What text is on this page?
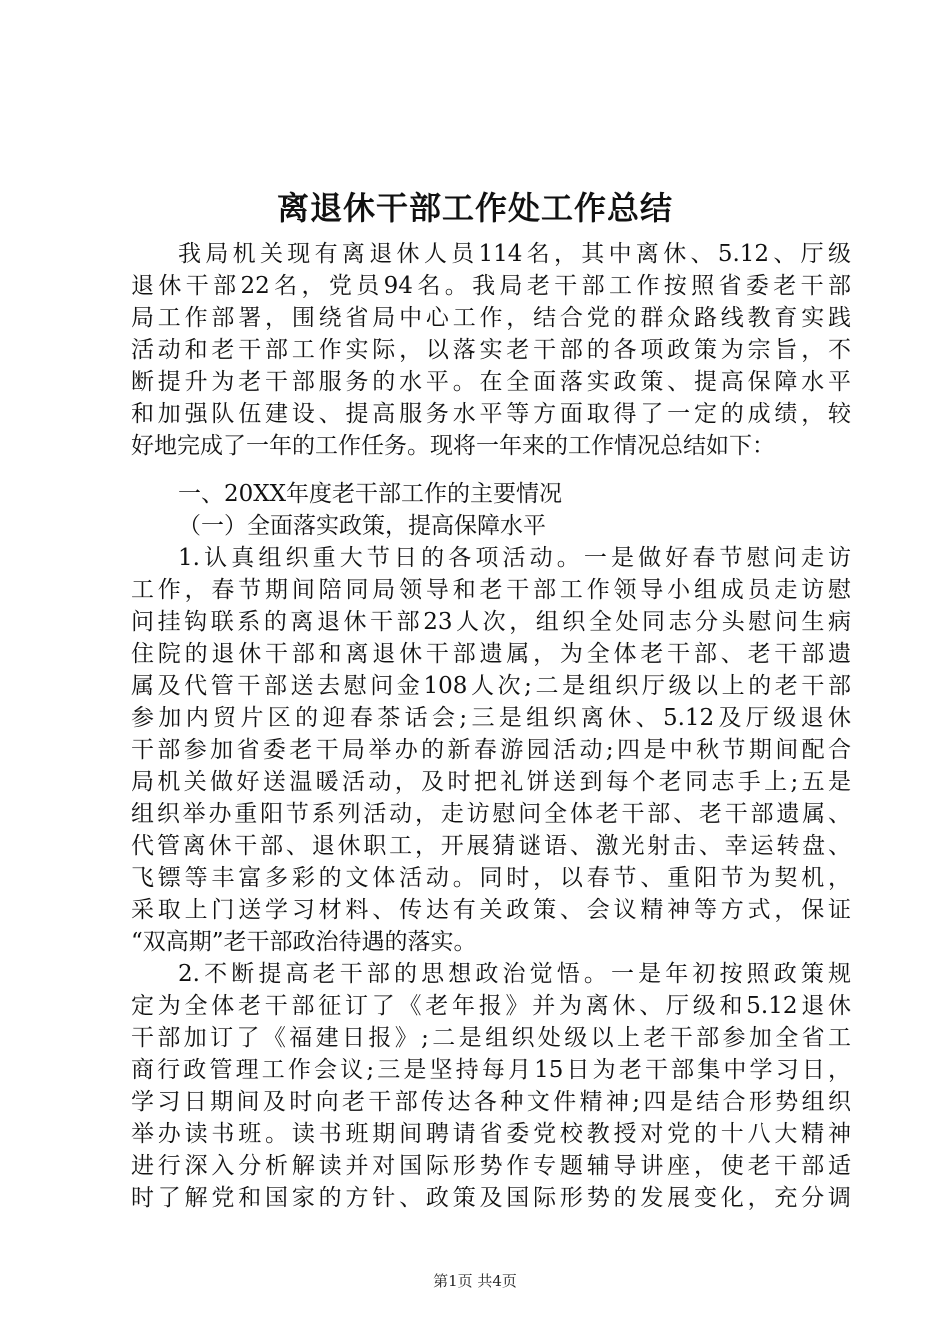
离退休干部工作处工作总结
我局机关现有离退休人员114名，其中离休、5.12、厅级
退休干部22名，党员94名。我局老干部工作按照省委老干部
局工作部署，围绕省局中心工作，结合党的群众路线教育实践
活动和老干部工作实际，以落实老干部的各项政策为宗旨，不
断提升为老干部服务的水平。在全面落实政策、提高保障水平
和加强队伍建设、提高服务水平等方面取得了一定的成绩，较
好地完成了一年的工作任务。现将一年来的工作情况总结如下：
一、20XX年度老干部工作的主要情况
（一）全面落实政策，提高保障水平
1.认真组织重大节日的各项活动。一是做好春节慰问走访
工作，春节期间陪同局领导和老干部工作领导小组成员走访慰
问挂钩联系的离退休干部23人次，组织全处同志分头慰问生病
住院的退休干部和离退休干部遗属，为全体老干部、老干部遗
属及代管干部送去慰问金108人次;二是组织厅级以上的老干部
参加内贸片区的迎春茶话会;三是组织离休、5.12及厅级退休
干部参加省委老干局举办的新春游园活动;四是中秋节期间配合
局机关做好送温暖活动，及时把礼饼送到每个老同志手上;五是
组织举办重阳节系列活动，走访慰问全体老干部、老干部遗属、
代管离休干部、退休职工，开展猜谜语、激光射击、幸运转盘、
飞镖等丰富多彩的文体活动。同时，以春节、重阳节为契机，
采取上门送学习材料、传达有关政策、会议精神等方式，保证
“双高期”老干部政治待遇的落实。
2.不断提高老干部的思想政治觉悟。一是年初按照政策规
定为全体老干部征订了《老年报》并为离休、厅级和5.12退休
干部加订了《福建日报》;二是组织处级以上老干部参加全省工
商行政管理工作会议;三是坚持每月15日为老干部集中学习日，
学习日期间及时向老干部传达各种文件精神;四是结合形势组织
举办读书班。读书班期间聘请省委党校教授对党的十八大精神
进行深入分析解读并对国际形势作专题辅导讲座，使老干部适
时了解党和国家的方针、政策及国际形势的发展变化，充分调
第1页 共4页
